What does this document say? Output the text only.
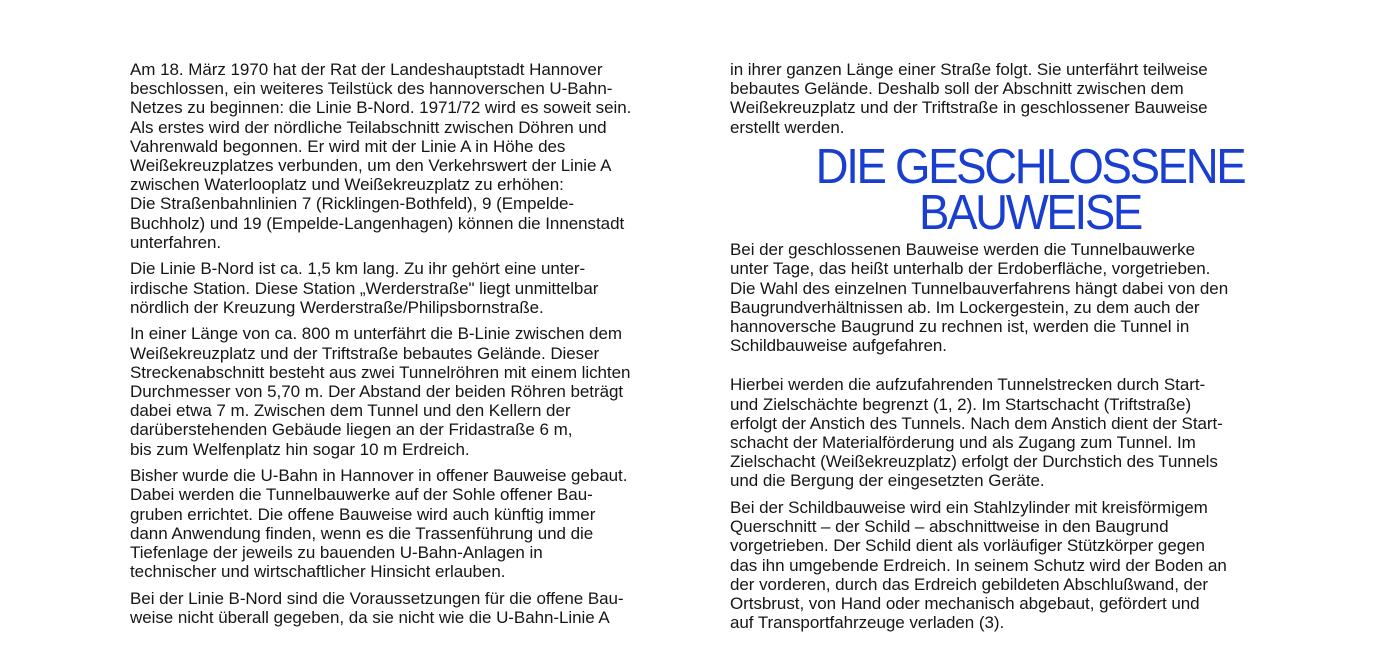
Am 18. März 1970 hat der Rat der Landeshauptstadt Hannover
beschlossen, ein weiteres Teilstück des hannoverschen U-Bahn-
Netzes zu beginnen: die Linie B-Nord. 1971/72 wird es soweit sein.
Als erstes wird der nördliche Teilabschnitt zwischen Döhren und
Vahrenwald begonnen. Er wird mit der Linie A in Höhe des
Weißekreuzplatzes verbunden, um den Verkehrswert der Linie A
zwischen Waterlooplatz und Weißekreuzplatz zu erhöhen:
Die Straßenbahnlinien 7 (Ricklingen-Bothfeld), 9 (Empelde-
Buchholz) und 19 (Empelde-Langenhagen) können die Innenstadt
unterfahren.

Die Linie B-Nord ist ca. 1,5 km lang. Zu ihr gehört eine unter-
irdische Station. Diese Station „Werderstraße" liegt unmittelbar
nördlich der Kreuzung Werderstraße/Philipsbornstraße.

In einer Länge von ca. 800 m unterfährt die B-Linie zwischen dem
Weißekreuzplatz und der Triftstraße bebautes Gelände. Dieser
Streckenabschnitt besteht aus zwei Tunnelröhren mit einem lichten
Durchmesser von 5,70 m. Der Abstand der beiden Röhren beträgt
dabei etwa 7 m. Zwischen dem Tunnel und den Kellern der
darüberstehenden Gebäude liegen an der Fridastraße 6 m,
bis zum Welfenplatz hin sogar 10 m Erdreich.

Bisher wurde die U-Bahn in Hannover in offener Bauweise gebaut.
Dabei werden die Tunnelbauwerke auf der Sohle offener Bau-
gruben errichtet. Die offene Bauweise wird auch künftig immer
dann Anwendung finden, wenn es die Trassenführung und die
Tiefenlage der jeweils zu bauenden U-Bahn-Anlagen in
technischer und wirtschaftlicher Hinsicht erlauben.

Bei der Linie B-Nord sind die Voraussetzungen für die offene Bau-
weise nicht überall gegeben, da sie nicht wie die U-Bahn-Linie A

in ihrer ganzen Länge einer Straße folgt. Sie unterfährt teilweise
bebautes Gelände. Deshalb soll der Abschnitt zwischen dem
Weißekreuzplatz und der Triftstraße in geschlossener Bauweise
erstellt werden.

DIE GESCHLOSSENE
BAUWEISE

Bei der geschlossenen Bauweise werden die Tunnelbauwerke
unter Tage, das heißt unterhalb der Erdoberfläche, vorgetrieben.
Die Wahl des einzelnen Tunnelbauverfahrens hängt dabei von den
Baugrundverhältnissen ab. Im Lockergestein, zu dem auch der
hannoversche Baugrund zu rechnen ist, werden die Tunnel in
Schildbauweise aufgefahren.

Hierbei werden die aufzufahrenden Tunnelstrecken durch Start-
und Zielschächte begrenzt (1, 2). Im Startschacht (Triftstraße)
erfolgt der Anstich des Tunnels. Nach dem Anstich dient der Start-
schacht der Materialförderung und als Zugang zum Tunnel. Im
Zielschacht (Weißekreuzplatz) erfolgt der Durchstich des Tunnels
und die Bergung der eingesetzten Geräte.

Bei der Schildbauweise wird ein Stahlzylinder mit kreisförmigem
Querschnitt – der Schild – abschnittweise in den Baugrund
vorgetrieben. Der Schild dient als vorläufiger Stützkörper gegen
das ihn umgebende Erdreich. In seinem Schutz wird der Boden an
der vorderen, durch das Erdreich gebildeten Abschlußwand, der
Ortsbrust, von Hand oder mechanisch abgebaut, gefördert und
auf Transportfahrzeuge verladen (3).
